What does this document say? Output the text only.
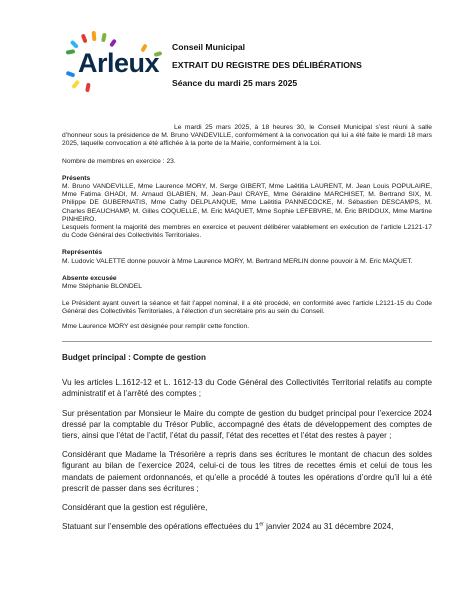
Arleux
Conseil Municipal
EXTRAIT DU REGISTRE DES DÉLIBÉRATIONS
Séance du mardi 25 mars 2025

Le mardi 25 mars 2025, à 18 heures 30, le Conseil Municipal s’est réuni à salle d’honneur sous la présidence de M. Bruno VANDEVILLE, conformément à la convocation qui lui a été faite le mardi 18 mars 2025, laquelle convocation a été affichée à la porte de la Mairie, conformément à la Loi.

Nombre de membres en exercice : 23.

Présents

M. Bruno VANDEVILLE, Mme Laurence MORY, M. Serge GIBERT, Mme Laëtitia LAURENT, M. Jean Louis POPULAIRE, Mme Fatima GHADI, M. Arnaud GLABIEN, M. Jean-Paul CRAYE, Mme Géraldine MARCHISET, M. Bertrand SIX, M. Philippe DE GUBERNATIS, Mme Cathy DELPLANQUE, Mme Laëtitia PANNECOCKE, M. Sébastien DESCAMPS, M. Charles BEAUCHAMP, M. Gilles COQUELLE, M. Eric MAQUET, Mme Sophie LEFEBVRE, M. Éric BRIDOUX, Mme Martine PINHEIRO.

Lesquels forment la majorité des membres en exercice et peuvent délibérer valablement en exécution de l’article L2121-17 du Code Général des Collectivités Territoriales.

Représentés

M. Ludovic VALETTE donne pouvoir à Mme Laurence MORY, M. Bertrand MERLIN donne pouvoir à M. Eric MAQUET.

Absente excusée

Mme Stéphanie BLONDEL

Le Président ayant ouvert la séance et fait l’appel nominal, il a été procédé, en conformité avec l’article L2121-15 du Code Général des Collectivités Territoriales, à l’élection d’un secrétaire pris au sein du Conseil.

Mme Laurence MORY est désignée pour remplir cette fonction.

Budget principal : Compte de gestion

Vu les articles L.1612-12 et L. 1612-13 du Code Général des Collectivités Territorial relatifs au compte administratif et à l’arrêté des comptes ;

Sur présentation par Monsieur le Maire du compte de gestion du budget principal pour l’exercice 2024 dressé par la comptable du Trésor Public, accompagné des états de développement des comptes de tiers, ainsi que l’état de l’actif, l’état du passif, l’état des recettes et l’état des restes à payer ;

Considérant que Madame la Trésorière a repris dans ses écritures le montant de chacun des soldes figurant au bilan de l’exercice 2024, celui-ci de tous les titres de recettes émis et celui de tous les mandats de paiement ordonnancés, et qu’elle a procédé à toutes les opérations d’ordre qu’il lui a été prescrit de passer dans ses écritures ;

Considérant que la gestion est régulière,

Statuant sur l’ensemble des opérations effectuées du 1er janvier 2024 au 31 décembre 2024,
